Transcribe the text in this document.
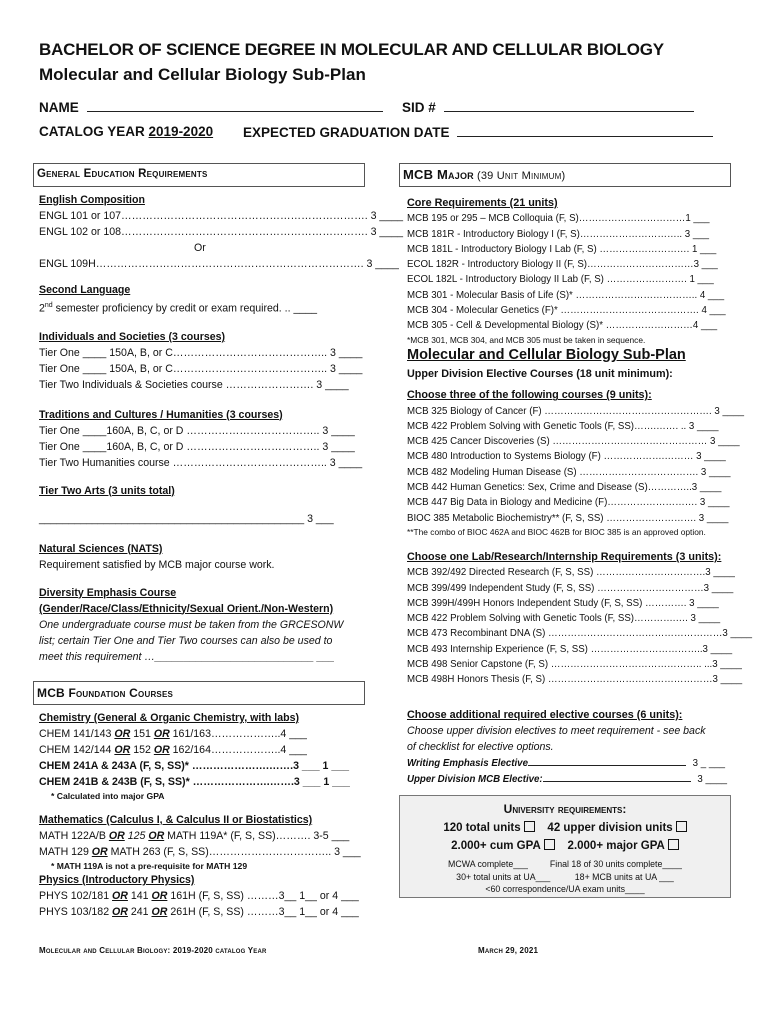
BACHELOR OF SCIENCE DEGREE IN MOLECULAR AND CELLULAR BIOLOGY
Molecular and Cellular Biology Sub-Plan
NAME	SID #
CATALOG YEAR 2019-2020 EXPECTED GRADUATION DATE
General Education Requirements	MCB Major (39 Unit Minimum)
English Composition
ENGL 101 or 107……………………………………………………………. 3 ____
ENGL 102 or 108……………………………………………………………. 3 ____
Or
ENGL 109H…………………………………………………………………. 3 ____
Second Language
2nd semester proficiency by credit or exam required. .. ____
Individuals and Societies (3 courses)
Tier One ____ 150A, B, or C…………………………………….. 3 ____
Tier One ____ 150A, B, or C…………………………………….. 3 ____
Tier Two Individuals & Societies course ……………………. 3 ____
Traditions and Cultures / Humanities (3 courses)
Tier One ____160A, B, C, or D ……………………………….. 3 ____
Tier One ____160A, B, C, or D ……………………………….. 3 ____
Tier Two Humanities course …………………………………….. 3 ____
Tier Two Arts (3 units total)
_____________________________________________ 3 ___
Natural Sciences (NATS)
Requirement satisfied by MCB major course work.
Diversity Emphasis Course
(Gender/Race/Class/Ethnicity/Sexual Orient./Non-Western)
One undergraduate course must be taken from the GRCESONW
list; certain Tier One and Tier Two courses can also be used to
meet this requirement …___________________________ ___
MCB Foundation Courses
Chemistry (General & Organic Chemistry, with labs)
CHEM 141/143 OR 151 OR 161/163………………..4 ___
CHEM 142/144 OR 152 OR 162/164………………..4 ___
CHEM 241A & 243A (F, S, SS)* ………………….…….3 ___ 1 ___
CHEM 241B & 243B (F, S, SS)* ………………….…….3 ___ 1 ___
* Calculated into major GPA
Mathematics (Calculus I, & Calculus II or Biostatistics)
MATH 122A/B OR 125 OR MATH 119A* (F, S, SS)………. 3-5 ___
MATH 129 OR MATH 263 (F, S, SS)…………………………….. 3 ___
* MATH 119A is not a pre-requisite for MATH 129
Physics (Introductory Physics)
PHYS 102/181 OR 141 OR 161H (F, S, SS) ………3__ 1__ or 4 ___
PHYS 103/182 OR 241 OR 261H (F, S, SS) ………3__ 1__ or 4 ___
Core Requirements (21 units)
MCB 195 or 295 – MCB Colloquia (F, S)……………………………1 ___
MCB 181R - Introductory Biology I (F, S)………………………….. 3 ___
MCB 181L - Introductory Biology I Lab (F, S) ………………………. 1 ___
ECOL 182R - Introductory Biology II (F, S)……………………………3 ___
ECOL 182L - Introductory Biology II Lab (F, S) ……………………. 1 ___
MCB 301 - Molecular Basis of Life (S)* ……………………………….. 4 ___
MCB 304 - Molecular Genetics (F)* ……………………………………. 4 ___
MCB 305 - Cell & Developmental Biology (S)* ………………………4 ___
*MCB 301, MCB 304, and MCB 305 must be taken in sequence.
Molecular and Cellular Biology Sub-Plan
Upper Division Elective Courses (18 unit minimum):
Choose three of the following courses (9 units):
MCB 325 Biology of Cancer (F) ……………………………………………. 3 ____
MCB 422 Problem Solving with Genetic Tools (F, SS)…….……. .. 3 ____
MCB 425 Cancer Discoveries (S) ………………………………………… 3 ____
MCB 480 Introduction to Systems Biology (F) ……………….……… 3 ____
MCB 482 Modeling Human Disease (S) ………………………………. 3 ____
MCB 442 Human Genetics: Sex, Crime and Disease (S)…………..3 ____
MCB 447 Big Data in Biology and Medicine (F)………………………. 3 ____
BIOC 385 Metabolic Biochemistry** (F, S, SS) ………………………. 3 ____
**The combo of BIOC 462A and BIOC 462B for BIOC 385 is an approved option.
Choose one Lab/Research/Internship Requirements (3 units):
MCB 392/492 Directed Research (F, S, SS) …………………………….3 ____
MCB 399/499 Independent Study (F, S, SS) ……………………………3 ____
MCB 399H/499H Honors Independent Study (F, S, SS) …………. 3 ____
MCB 422 Problem Solving with Genetic Tools (F, SS)………….…. 3 ____
MCB 473 Recombinant DNA (S) ………………………………………………3 ____
MCB 493 Internship Experience (F, S, SS) ……………………………..3 ____
MCB 498 Senior Capstone (F, S) ……………………………………….. ...3 ____
MCB 498H Honors Thesis (F, S) ……………………………………………3 ____
Choose additional required elective courses (6 units):
Choose upper division electives to meet requirement - see back
of checklist for elective options.
Writing Emphasis Elective	3 _ ___
Upper Division MCB Elective:	3 ____
University requirements:
120 total units 42 upper division units
2.000+ cum GPA 2.000+ major GPA
MCWA complete___	Final 18 of 30 units complete____
30+ total units at UA___	18+ MCB units at UA ___
<60 correspondence/UA exam units____
Molecular and Cellular Biology: 2019-2020 catalog Year	March 29, 2021
